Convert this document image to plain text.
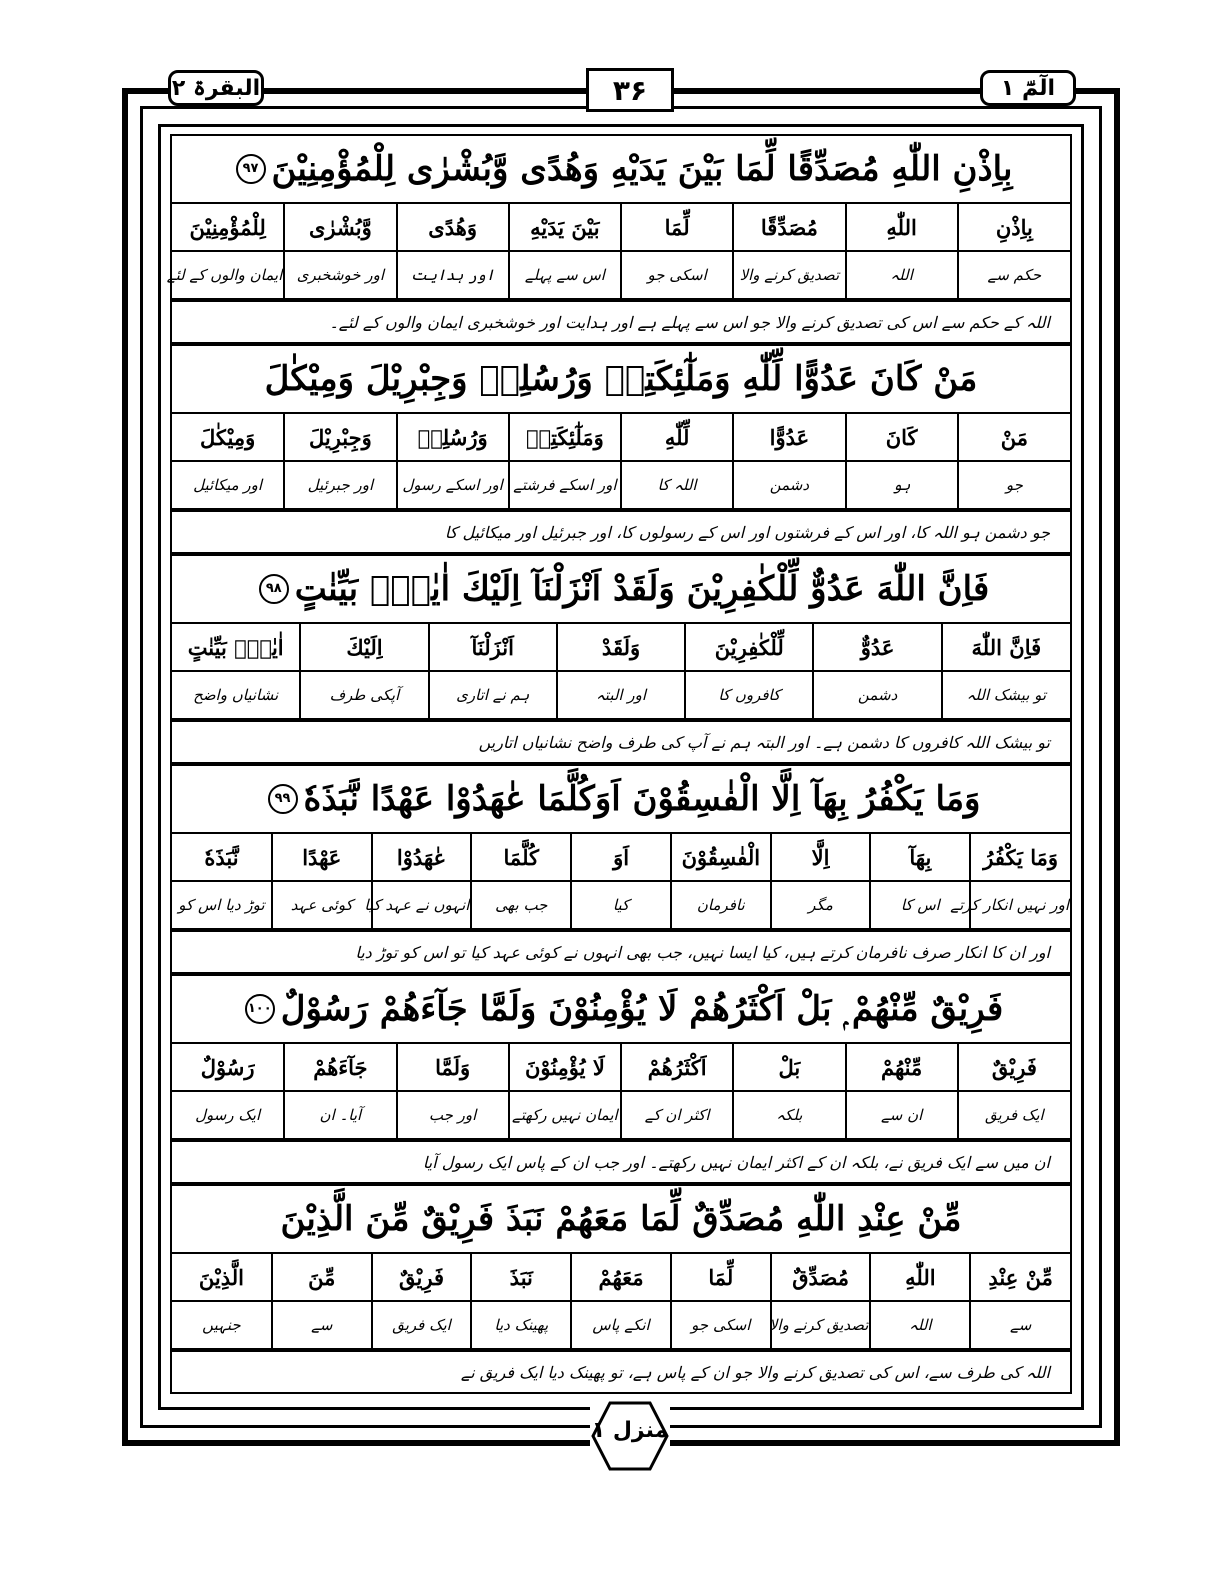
البقرۃ ۲	۳۶	الٓمّٓ ۱
بِاِذْنِ اللّٰهِ مُصَدِّقًا لِّمَا بَيْنَ يَدَيْهِ وَهُدًى وَّبُشْرٰى لِلْمُؤْمِنِيْنَ
۹۷
بِاِذْنِ	اللّٰهِ	مُصَدِّقًا	لِّمَا	بَيْنَ يَدَيْهِ	وَهُدًى	وَّبُشْرٰى	لِلْمُؤْمِنِيْنَ
حکم سے	اللہ	تصدیق کرنے والا	اسکی جو	اس سے پہلے	اور ہدایت	اور خوشخبری	ایمان والوں کے لئے
اللہ کے حکم سے اس کی تصدیق کرنے والا جو اس سے پہلے ہے اور ہدایت اور خوشخبری ایمان والوں کے لئے۔
مَنْ كَانَ عَدُوًّا لِّلّٰهِ وَمَلٰٓئِكَتِهٖ وَرُسُلِهٖ وَجِبْرِيْلَ وَمِيْكٰلَ
مَنْ	كَانَ	عَدُوًّا	لِّلّٰهِ	وَمَلٰٓئِكَتِهٖ	وَرُسُلِهٖ	وَجِبْرِيْلَ	وَمِيْكٰلَ
جو	ہو	دشمن	اللہ کا	اور اسکے فرشتے	اور اسکے رسول	اور جبرئیل	اور میکائیل
جو دشمن ہو اللہ کا، اور اس کے فرشتوں اور اس کے رسولوں کا، اور جبرئیل اور میکائیل کا
فَاِنَّ اللّٰهَ عَدُوٌّ لِّلْكٰفِرِيْنَ وَلَقَدْ اَنْزَلْنَآ اِلَيْكَ اٰيٰتٍۭ بَيِّنٰتٍ
۹۸
فَاِنَّ اللّٰهَ	عَدُوٌّ	لِّلْكٰفِرِيْنَ	وَلَقَدْ	اَنْزَلْنَآ	اِلَيْكَ	اٰيٰتٍۭ بَيِّنٰتٍ
تو بیشک اللہ	دشمن	کافروں کا	اور البتہ	ہم نے اتاری	آپکی طرف	نشانیاں واضح
تو بیشک اللہ کافروں کا دشمن ہے۔ اور البتہ ہم نے آپ کی طرف واضح نشانیاں اتاریں
وَمَا يَكْفُرُ بِهَآ اِلَّا الْفٰسِقُوْنَ اَوَكُلَّمَا عٰهَدُوْا عَهْدًا نَّبَذَهٗ
۹۹
وَمَا يَكْفُرُ	بِهَآ	اِلَّا	الْفٰسِقُوْنَ	اَوَ	كُلَّمَا	عٰهَدُوْا	عَهْدًا	نَّبَذَهٗ
اور نہیں انکار کرتے	اس کا	مگر	نافرمان	کیا	جب بھی	انہوں نے عہد کیا	کوئی عہد	توڑ دیا اس کو
اور ان کا انکار صرف نافرمان کرتے ہیں، کیا ایسا نہیں، جب بھی انہوں نے کوئی عہد کیا تو اس کو توڑ دیا
فَرِيْقٌ مِّنْهُمْ ۭ بَلْ اَكْثَرُهُمْ لَا يُؤْمِنُوْنَ وَلَمَّا جَآءَهُمْ رَسُوْلٌ
۱۰۰
فَرِيْقٌ	مِّنْهُمْ	بَلْ	اَكْثَرُهُمْ	لَا يُؤْمِنُوْنَ	وَلَمَّا	جَآءَهُمْ	رَسُوْلٌ
ایک فریق	ان سے	بلکہ	اکثر ان کے	ایمان نہیں رکھتے	اور جب	آیا۔ ان	ایک رسول
ان میں سے ایک فریق نے، بلکہ ان کے اکثر ایمان نہیں رکھتے۔ اور جب ان کے پاس ایک رسول آیا
مِّنْ عِنْدِ اللّٰهِ مُصَدِّقٌ لِّمَا مَعَهُمْ نَبَذَ فَرِيْقٌ مِّنَ الَّذِيْنَ
مِّنْ عِنْدِ	اللّٰهِ	مُصَدِّقٌ	لِّمَا	مَعَهُمْ	نَبَذَ	فَرِيْقٌ	مِّنَ	الَّذِيْنَ
سے	اللہ	تصدیق کرنے والا	اسکی جو	انکے پاس	پھینک دیا	ایک فریق	سے	جنہیں
اللہ کی طرف سے، اس کی تصدیق کرنے والا جو ان کے پاس ہے، تو پھینک دیا ایک فریق نے
منزل ۱
